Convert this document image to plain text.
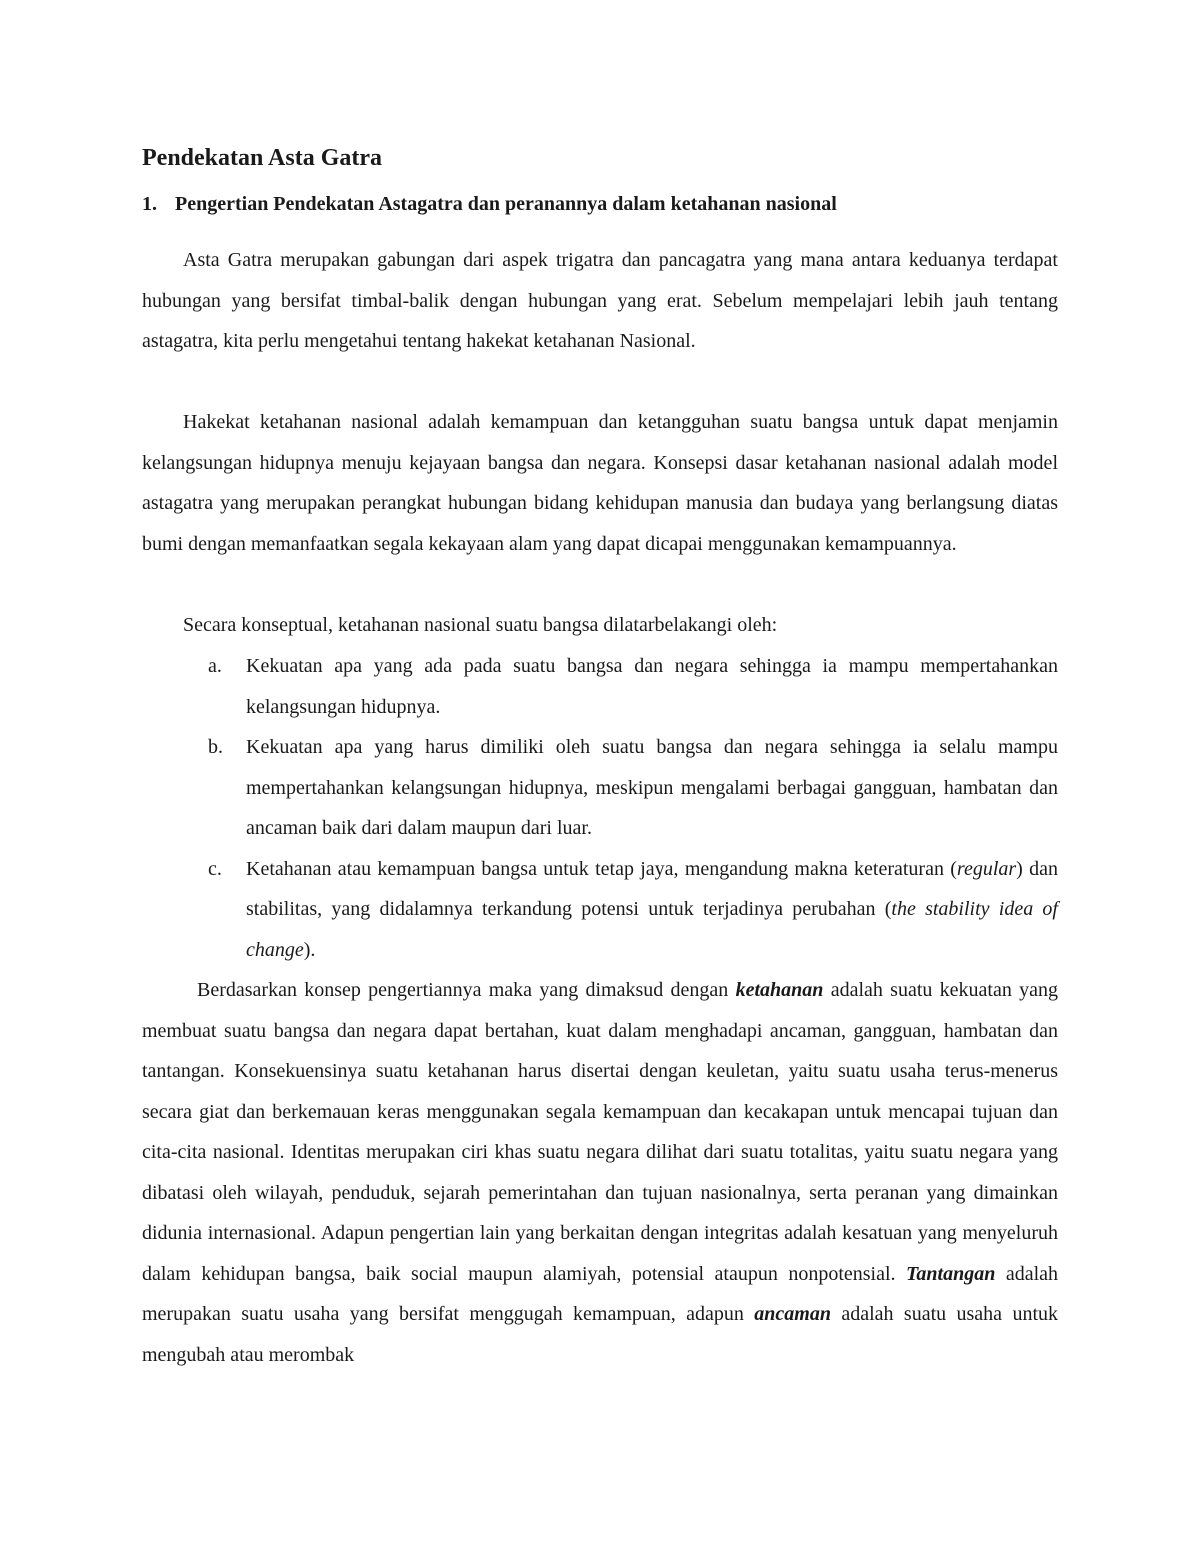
Pendekatan Asta Gatra
1. Pengertian Pendekatan Astagatra dan peranannya dalam ketahanan nasional

Asta Gatra merupakan gabungan dari aspek trigatra dan pancagatra yang mana antara keduanya terdapat hubungan yang bersifat timbal-balik dengan hubungan yang erat. Sebelum mempelajari lebih jauh tentang astagatra, kita perlu mengetahui tentang hakekat ketahanan Nasional.

Hakekat ketahanan nasional adalah kemampuan dan ketangguhan suatu bangsa untuk dapat menjamin kelangsungan hidupnya menuju kejayaan bangsa dan negara. Konsepsi dasar ketahanan nasional adalah model astagatra yang merupakan perangkat hubungan bidang kehidupan manusia dan budaya yang berlangsung diatas bumi dengan memanfaatkan segala kekayaan alam yang dapat dicapai menggunakan kemampuannya.

Secara konseptual, ketahanan nasional suatu bangsa dilatarbelakangi oleh:

a. Kekuatan apa yang ada pada suatu bangsa dan negara sehingga ia mampu mempertahankan kelangsungan hidupnya.
b. Kekuatan apa yang harus dimiliki oleh suatu bangsa dan negara sehingga ia selalu mampu mempertahankan kelangsungan hidupnya, meskipun mengalami berbagai gangguan, hambatan dan ancaman baik dari dalam maupun dari luar.
c. Ketahanan atau kemampuan bangsa untuk tetap jaya, mengandung makna keteraturan (regular) dan stabilitas, yang didalamnya terkandung potensi untuk terjadinya perubahan (the stability idea of change).

Berdasarkan konsep pengertiannya maka yang dimaksud dengan ketahanan adalah suatu kekuatan yang membuat suatu bangsa dan negara dapat bertahan, kuat dalam menghadapi ancaman, gangguan, hambatan dan tantangan. Konsekuensinya suatu ketahanan harus disertai dengan keuletan, yaitu suatu usaha terus-menerus secara giat dan berkemauan keras menggunakan segala kemampuan dan kecakapan untuk mencapai tujuan dan cita-cita nasional. Identitas merupakan ciri khas suatu negara dilihat dari suatu totalitas, yaitu suatu negara yang dibatasi oleh wilayah, penduduk, sejarah pemerintahan dan tujuan nasionalnya, serta peranan yang dimainkan didunia internasional. Adapun pengertian lain yang berkaitan dengan integritas adalah kesatuan yang menyeluruh dalam kehidupan bangsa, baik social maupun alamiyah, potensial ataupun nonpotensial. Tantangan adalah merupakan suatu usaha yang bersifat menggugah kemampuan, adapun ancaman adalah suatu usaha untuk mengubah atau merombak
